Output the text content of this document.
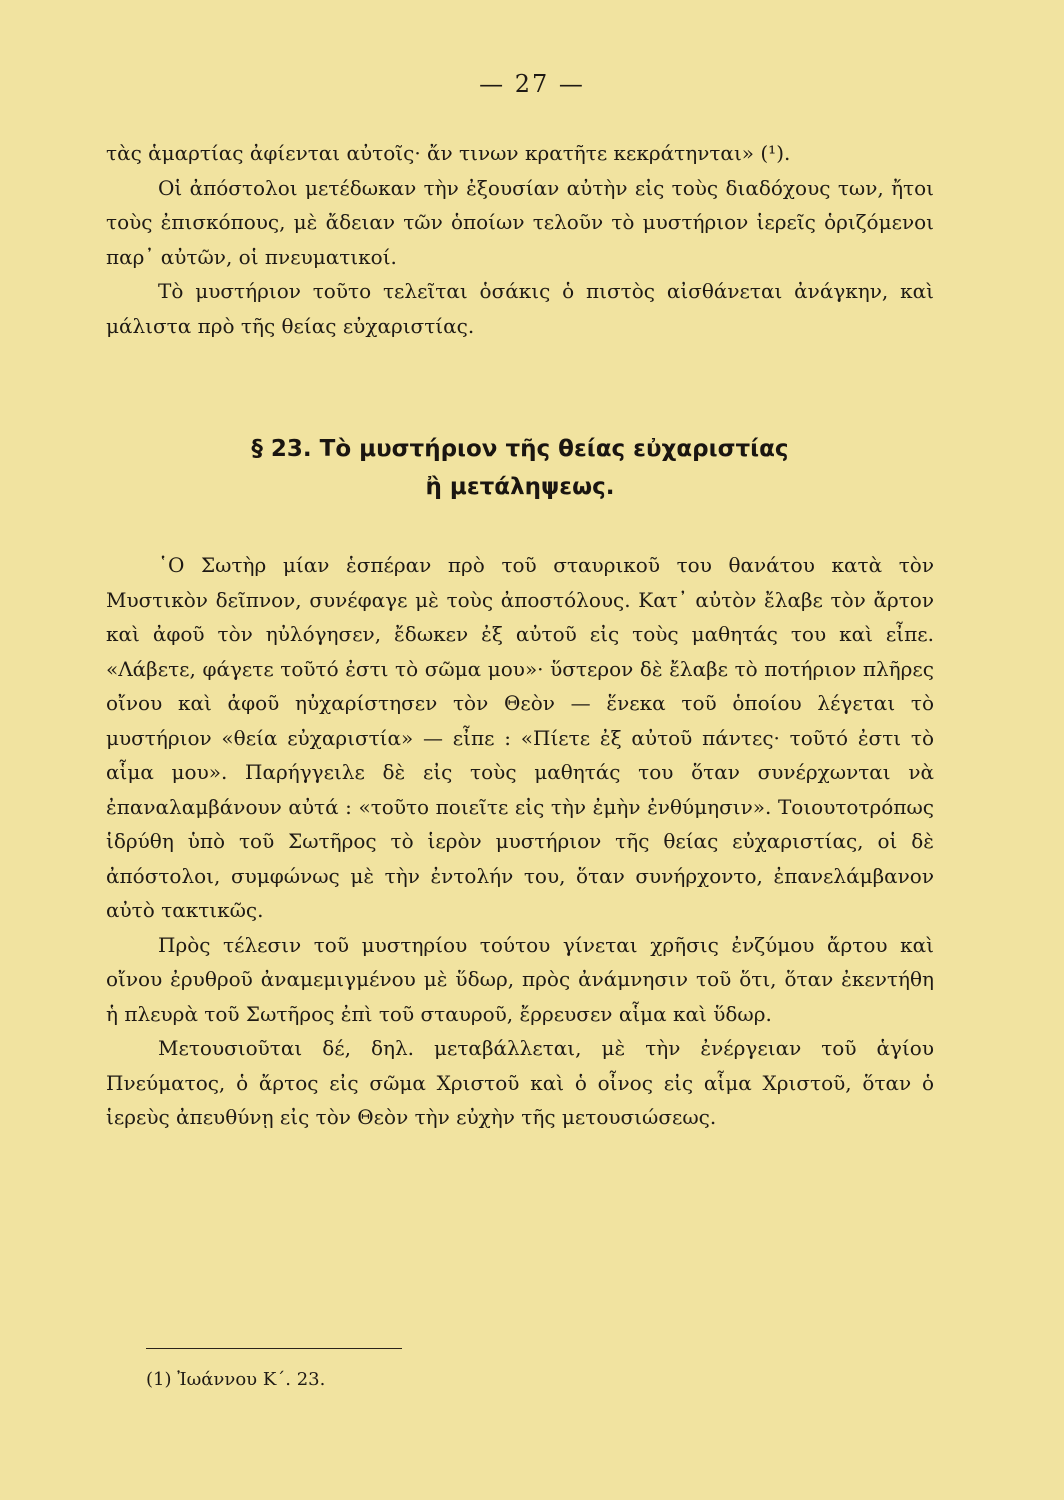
— 27 —

τὰς ἁμαρτίας ἀφίενται αὐτοῖς· ἄν τινων κρατῆτε κεκράτηνται» (¹).

Οἱ ἀπόστολοι μετέδωκαν τὴν ἐξουσίαν αὐτὴν εἰς τοὺς διαδόχους των, ἤτοι τοὺς ἐπισκόπους, μὲ ἄδειαν τῶν ὁποίων τελοῦν τὸ μυστήριον ἱερεῖς ὁριζόμενοι παρ᾽ αὐτῶν, οἱ πνευματικοί.

Τὸ μυστήριον τοῦτο τελεῖται ὁσάκις ὁ πιστὸς αἰσθάνεται ἀνάγκην, καὶ μάλιστα πρὸ τῆς θείας εὐχαριστίας.

§ 23. Τὸ μυστήριον τῆς θείας εὐχαριστίας
ἢ μετάληψεως.

῾Ο Σωτὴρ μίαν ἑσπέραν πρὸ τοῦ σταυρικοῦ του θανάτου κατὰ τὸν Μυστικὸν δεῖπνον, συνέφαγε μὲ τοὺς ἀποστόλους. Κατ᾽ αὐτὸν ἔλαβε τὸν ἄρτον καὶ ἀφοῦ τὸν ηὐλόγησεν, ἔδωκεν ἐξ αὐτοῦ εἰς τοὺς μαθητάς του καὶ εἶπε. «Λάβετε, φάγετε τοῦτό ἐστι τὸ σῶμα μου»· ὕστερον δὲ ἔλαβε τὸ ποτήριον πλῆρες οἴνου καὶ ἀφοῦ ηὐχαρίστησεν τὸν Θεὸν — ἕνεκα τοῦ ὁποίου λέγεται τὸ μυστήριον «θεία εὐχαριστία» — εἶπε : «Πίετε ἐξ αὐτοῦ πάντες· τοῦτό ἐστι τὸ αἷμα μου». Παρήγγειλε δὲ εἰς τοὺς μαθητάς του ὅταν συνέρχωνται νὰ ἐπαναλαμβάνουν αὐτά : «τοῦτο ποιεῖτε εἰς τὴν ἐμὴν ἐνθύμησιν». Τοιουτοτρόπως ἱδρύθη ὑπὸ τοῦ Σωτῆρος τὸ ἱερὸν μυστήριον τῆς θείας εὐχαριστίας, οἱ δὲ ἀπόστολοι, συμφώνως μὲ τὴν ἐντολήν του, ὅταν συνήρχοντο, ἐπανελάμβανον αὐτὸ τακτικῶς.

Πρὸς τέλεσιν τοῦ μυστηρίου τούτου γίνεται χρῆσις ἐνζύμου ἄρτου καὶ οἴνου ἐρυθροῦ ἀναμεμιγμένου μὲ ὕδωρ, πρὸς ἀνάμνησιν τοῦ ὅτι, ὅταν ἐκεντήθη ἡ πλευρὰ τοῦ Σωτῆρος ἐπὶ τοῦ σταυροῦ, ἔρρευσεν αἷμα καὶ ὕδωρ.

Μετουσιοῦται δέ, δηλ. μεταβάλλεται, μὲ τὴν ἐνέργειαν τοῦ ἁγίου Πνεύματος, ὁ ἄρτος εἰς σῶμα Χριστοῦ καὶ ὁ οἶνος εἰς αἷμα Χριστοῦ, ὅταν ὁ ἱερεὺς ἀπευθύνῃ εἰς τὸν Θεὸν τὴν εὐχὴν τῆς μετουσιώσεως.

(1) Ἰωάννου Κ΄. 23.
